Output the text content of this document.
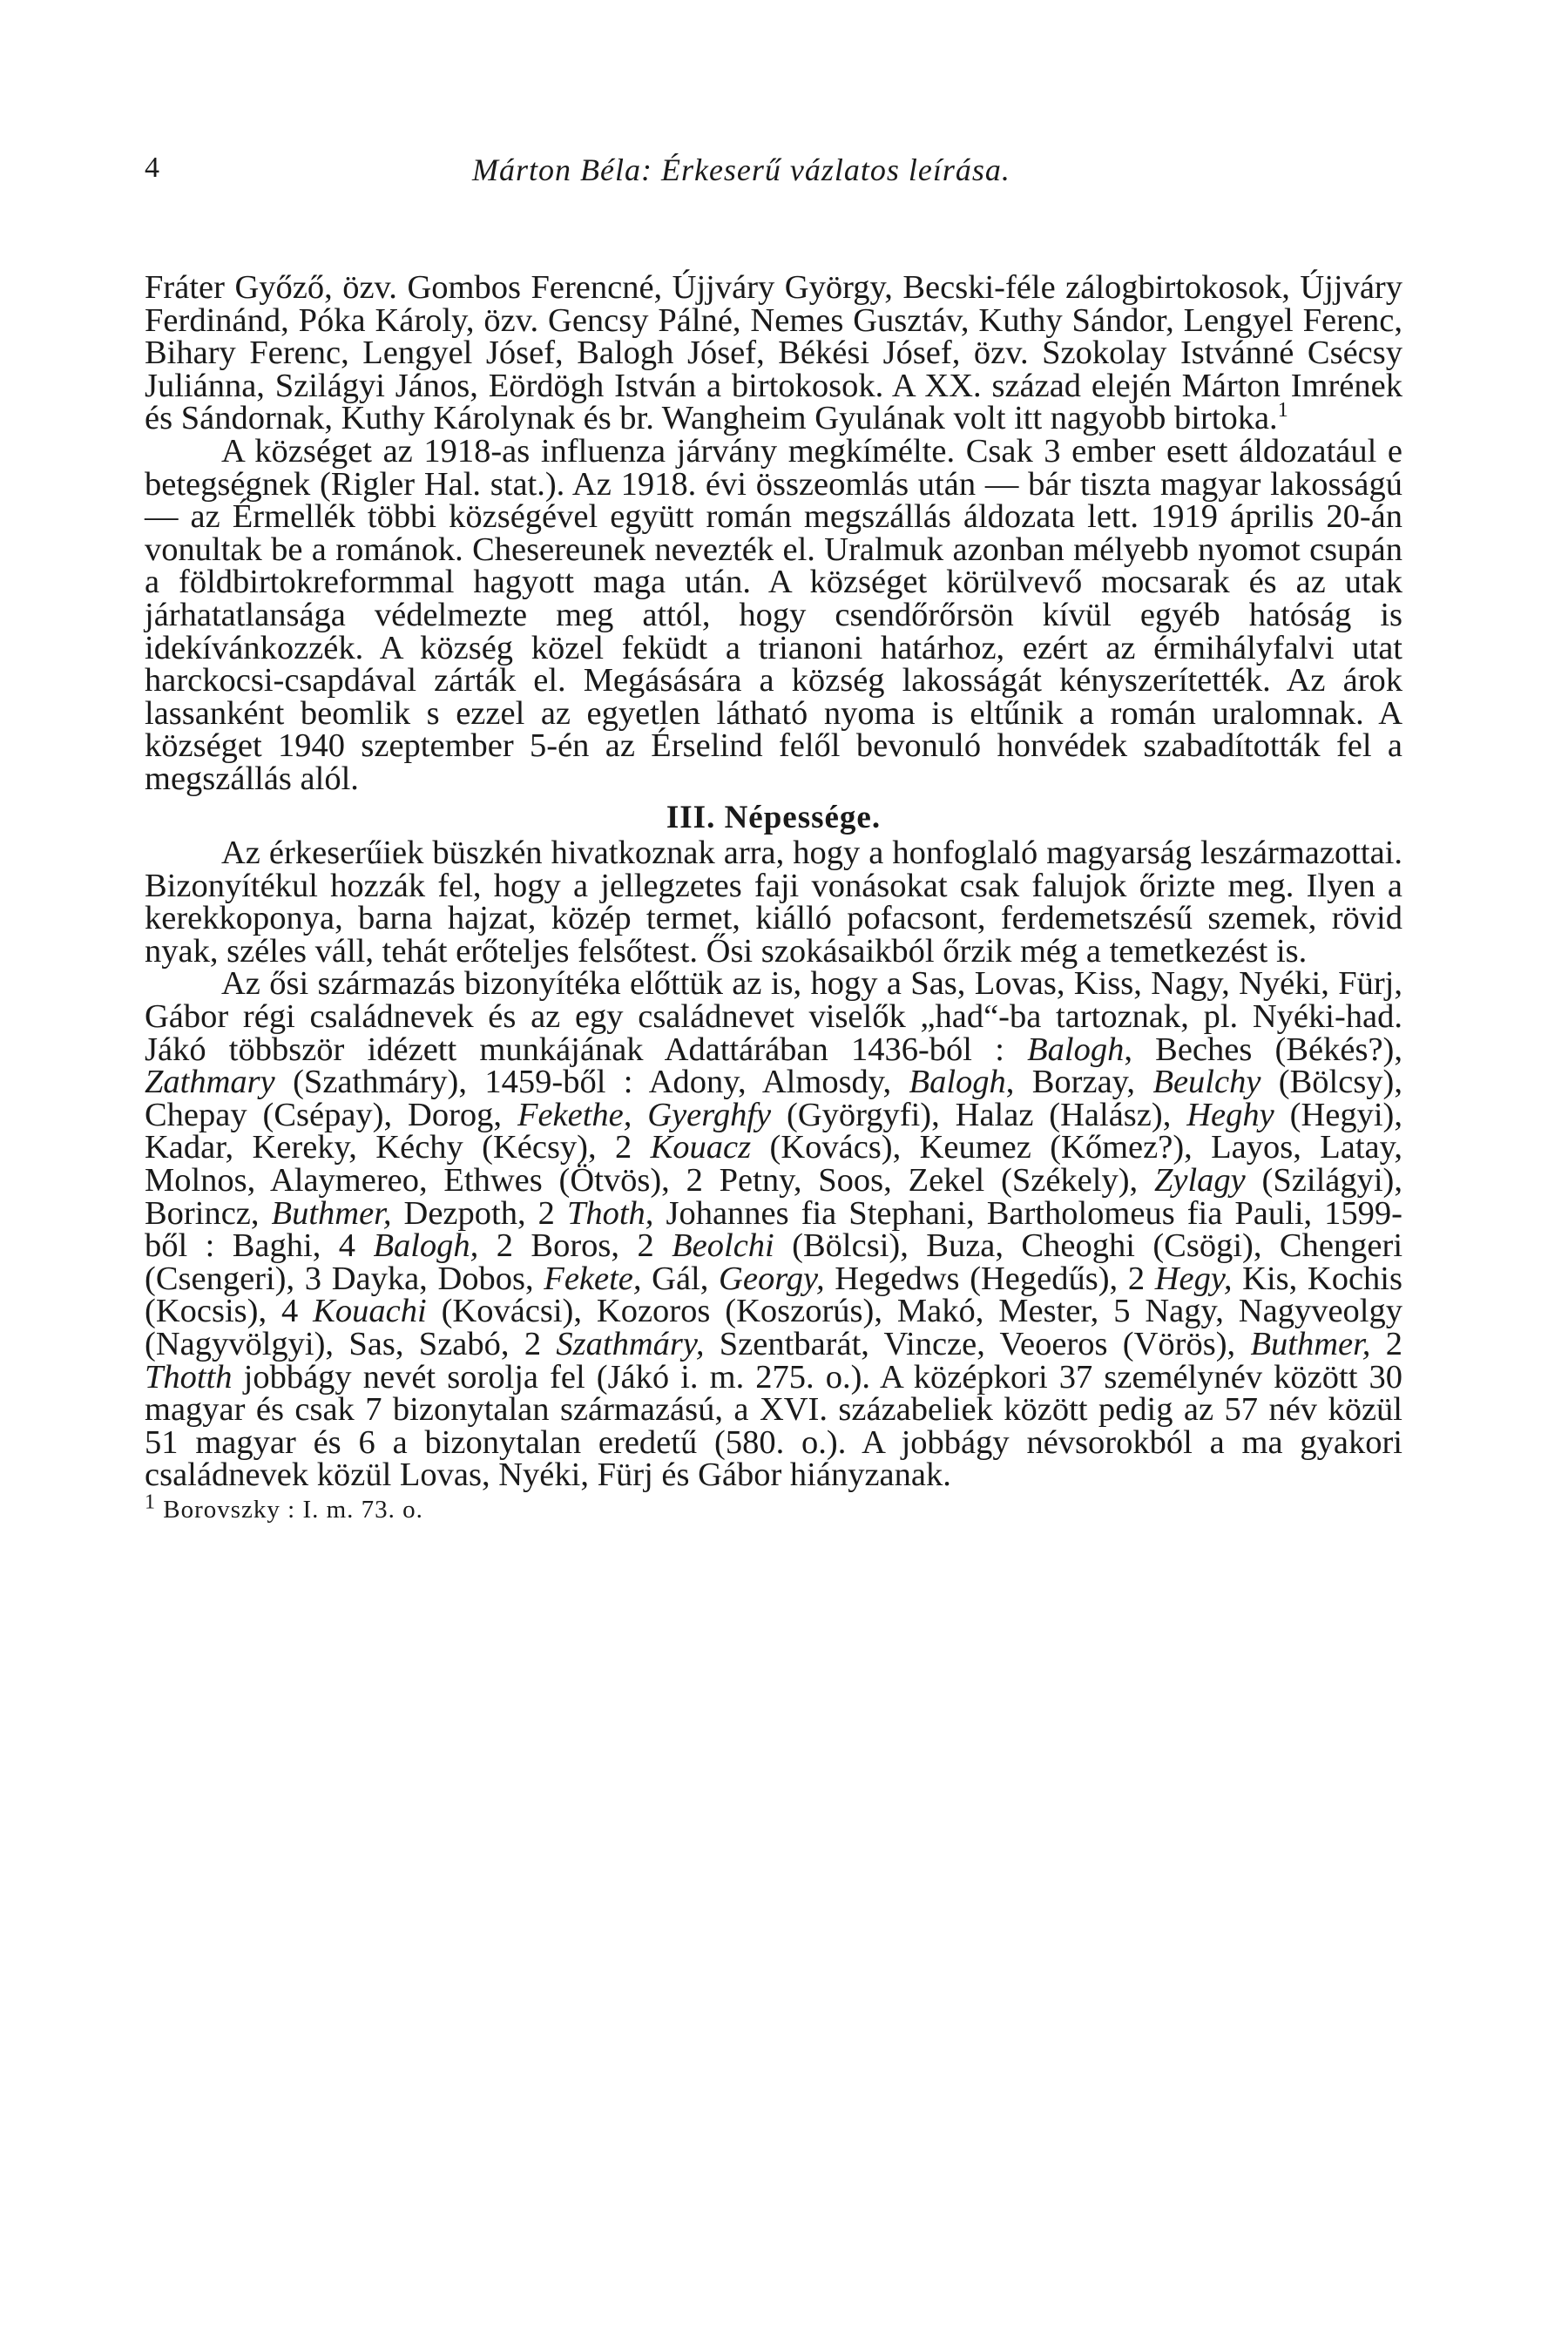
4	Márton Béla: Érkeserű vázlatos leírása.

Fráter Győző, özv. Gombos Ferencné, Újjváry György, Becski-féle zálogbirtokosok, Újjváry Ferdinánd, Póka Károly, özv. Gencsy Pálné, Nemes Gusztáv, Kuthy Sándor, Lengyel Ferenc, Bihary Ferenc, Lengyel Jósef, Balogh Jósef, Békési Jósef, özv. Szokolay Istvánné Csécsy Juliánna, Szilágyi János, Eördögh István a birtokosok. A XX. század elején Márton Imrének és Sándornak, Kuthy Károlynak és br. Wangheim Gyulának volt itt nagyobb birtoka.$^1$

A községet az 1918-as influenza járvány megkímélte. Csak 3 ember esett áldozatául e betegségnek (Rigler Hal. stat.). Az 1918. évi összeomlás után — bár tiszta magyar lakosságú — az Érmellék többi községével együtt román megszállás áldozata lett. 1919 április 20-án vonultak be a románok. Chesereunek nevezték el. Uralmuk azonban mélyebb nyomot csupán a földbirtokreformmal hagyott maga után. A községet körülvevő mocsarak és az utak járhatatlansága védelmezte meg attól, hogy csendőrőrsön kívül egyéb hatóság is idekívánkozzék. A község közel feküdt a trianoni határhoz, ezért az érmihályfalvi utat harckocsi-csapdával zárták el. Megásására a község lakosságát kényszerítették. Az árok lassanként beomlik s ezzel az egyetlen látható nyoma is eltűnik a román uralomnak. A községet 1940 szeptember 5-én az Érselind felől bevonuló honvédek szabadították fel a megszállás alól.

III. Népessége.

Az érkeserűiek büszkén hivatkoznak arra, hogy a honfoglaló magyarság leszármazottai. Bizonyítékul hozzák fel, hogy a jellegzetes faji vonásokat csak falujok őrizte meg. Ilyen a kerekkoponya, barna hajzat, közép termet, kiálló pofacsont, ferdemetszésű szemek, rövid nyak, széles váll, tehát erőteljes felsőtest. Ősi szokásaikból őrzik még a temetkezést is.

Az ősi származás bizonyítéka előttük az is, hogy a Sas, Lovas, Kiss, Nagy, Nyéki, Fürj, Gábor régi családnevek és az egy családnevet viselők „had“-ba tartoznak, pl. Nyéki-had. Jákó többször idézett munkájának Adattárában 1436-ból : Balogh, Beches (Békés?), Zathmary (Szathmáry), 1459-ből : Adony, Almosdy, Balogh, Borzay, Beulchy (Bölcsy), Chepay (Csépay), Dorog, Fekethe, Gyerghfy (Györgyfi), Halaz (Halász), Heghy (Hegyi), Kadar, Kereky, Kéchy (Kécsy), 2 Kouacz (Kovács), Keumez (Kőmez?), Layos, Latay, Molnos, Alaymereo, Ethwes (Ötvös), 2 Petny, Soos, Zekel (Székely), Zylagy (Szilágyi), Borincz, Buthmer, Dezpoth, 2 Thoth, Johannes fia Stephani, Bartholomeus fia Pauli, 1599-ből : Baghi, 4 Balogh, 2 Boros, 2 Beolchi (Bölcsi), Buza, Cheoghi (Csögi), Chengeri (Csengeri), 3 Dayka, Dobos, Fekete, Gál, Georgy, Hegedws (Hegedűs), 2 Hegy, Kis, Kochis (Kocsis), 4 Kouachi (Kovácsi), Kozoros (Koszorús), Makó, Mester, 5 Nagy, Nagyveolgy (Nagyvölgyi), Sas, Szabó, 2 Szathmáry, Szentbarát, Vincze, Veoeros (Vörös), Buthmer, 2 Thotth jobbágy nevét sorolja fel (Jákó i. m. 275. o.). A középkori 37 személynév között 30 magyar és csak 7 bizonytalan származású, a XVI. százabeliek között pedig az 57 név közül 51 magyar és 6 a bizonytalan eredetű (580. o.). A jobbágy névsorokból a ma gyakori családnevek közül Lovas, Nyéki, Fürj és Gábor hiányzanak.

$^1$ Borovszky : I. m. 73. o.
